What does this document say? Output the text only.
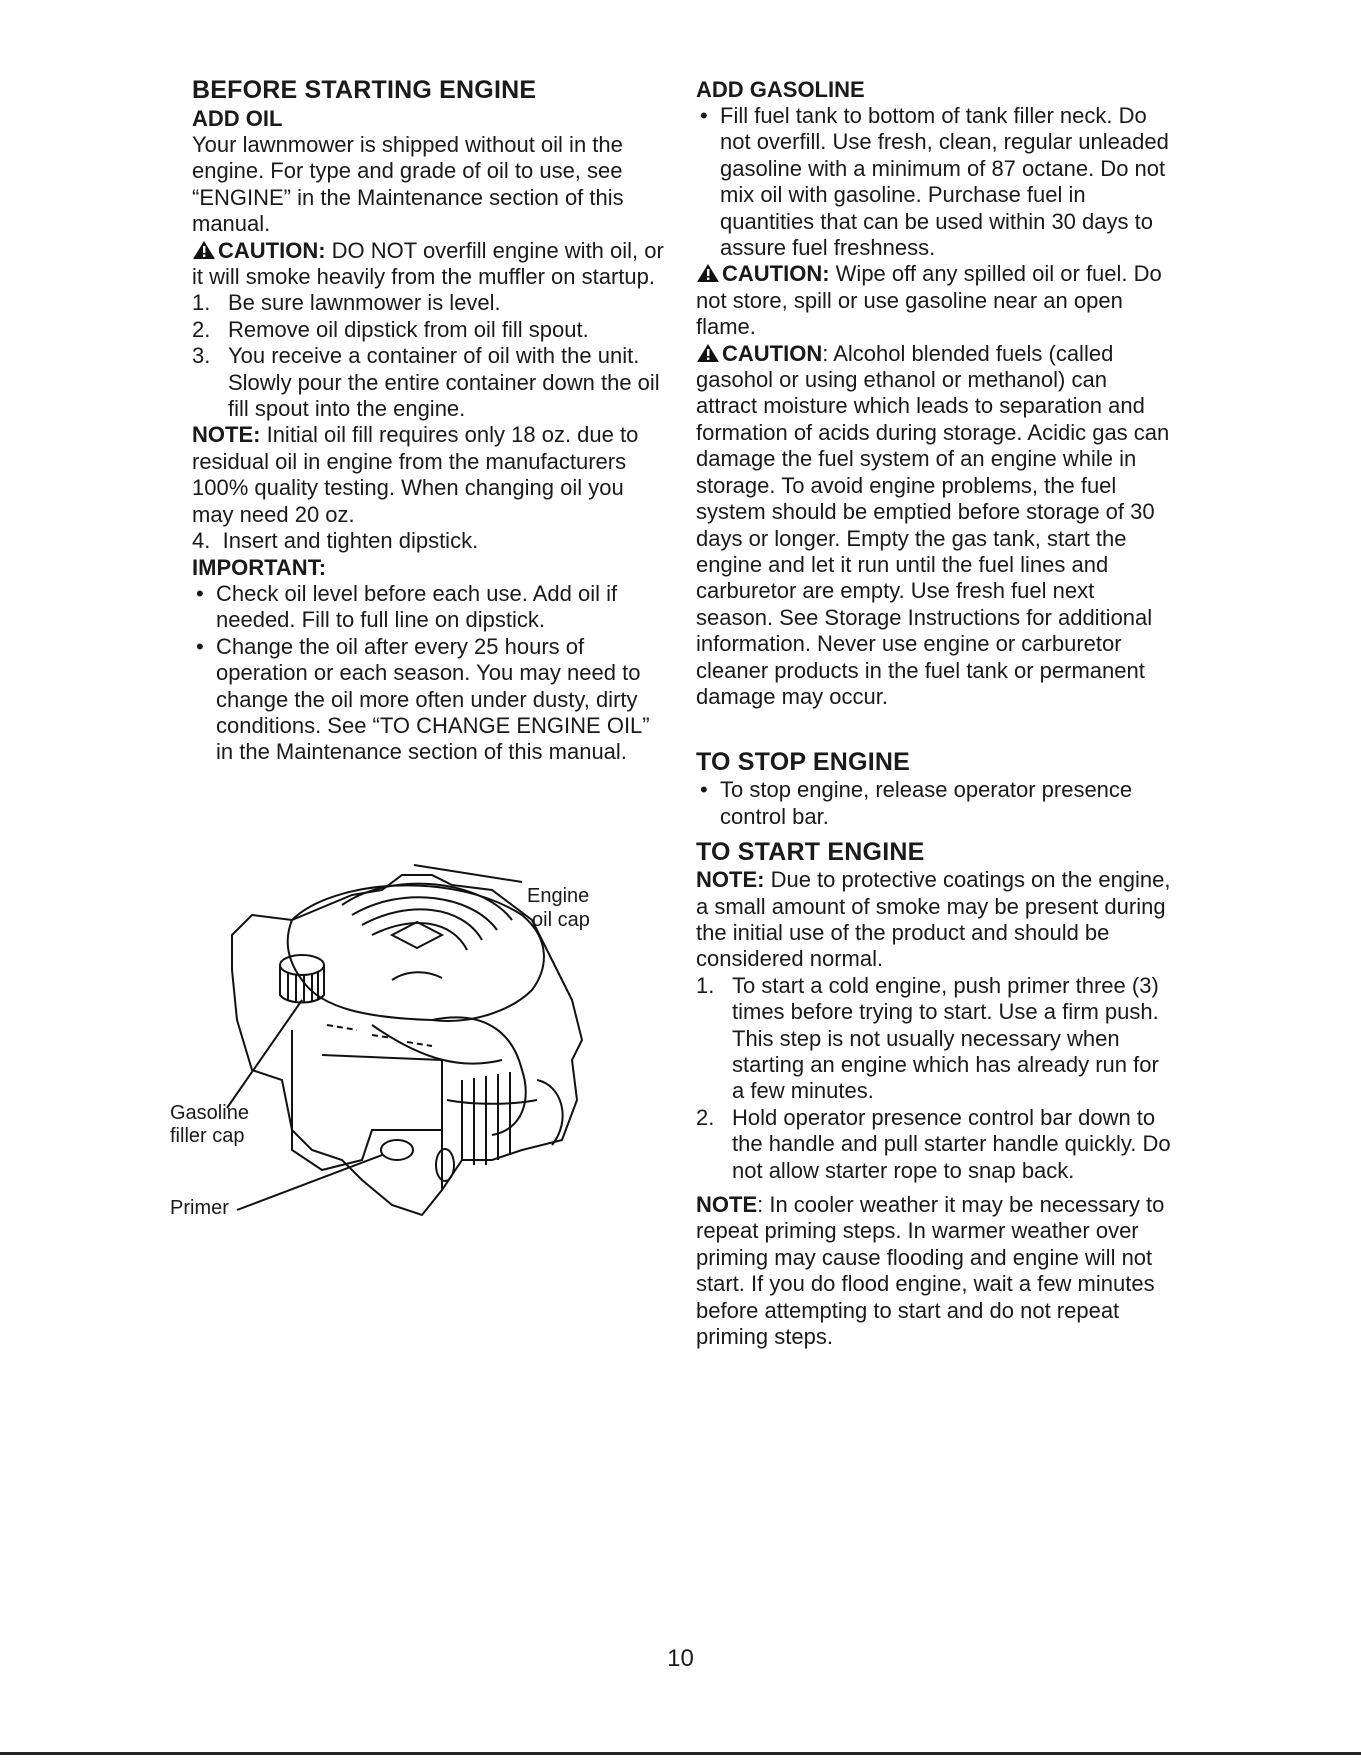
BEFORE STARTING ENGINE
ADD OIL

Your lawnmower is shipped without oil in the engine. For type and grade of oil to use, see “ENGINE” in the Maintenance section of this manual.

CAUTION: DO NOT overfill engine with oil, or it will smoke heavily from the muffler on startup.

1. Be sure lawnmower is level.
2. Remove oil dipstick from oil fill spout.
3. You receive a container of oil with the unit. Slowly pour the entire container down the oil fill spout into the engine.

NOTE: Initial oil fill requires only 18 oz. due to residual oil in engine from the manufacturers 100% quality testing. When changing oil you may need 20 oz.

4. Insert and tighten dipstick.

IMPORTANT:

• Check oil level before each use. Add oil if needed. Fill to full line on dipstick.
• Change the oil after every 25 hours of operation or each season. You may need to change the oil more often under dusty, dirty conditions. See “TO CHANGE ENGINE OIL” in the Maintenance section of this manual.
Engine
oil cap
Gasoline
filler cap
Primer
ADD GASOLINE
• Fill fuel tank to bottom of tank filler neck. Do not overfill. Use fresh, clean, regular unleaded gasoline with a minimum of 87 octane. Do not mix oil with gasoline. Purchase fuel in quantities that can be used within 30 days to assure fuel freshness.

CAUTION: Wipe off any spilled oil or fuel. Do not store, spill or use gasoline near an open flame.

CAUTION: Alcohol blended fuels (called gasohol or using ethanol or methanol) can attract moisture which leads to separation and formation of acids during storage. Acidic gas can damage the fuel system of an engine while in storage. To avoid engine problems, the fuel system should be emptied before storage of 30 days or longer. Empty the gas tank, start the engine and let it run until the fuel lines and carburetor are empty. Use fresh fuel next season. See Storage Instructions for additional information. Never use engine or carburetor cleaner products in the fuel tank or permanent damage may occur.

TO STOP ENGINE
• To stop engine, release operator presence control bar.
TO START ENGINE

NOTE: Due to protective coatings on the engine, a small amount of smoke may be present during the initial use of the product and should be considered normal.

1. To start a cold engine, push primer three (3) times before trying to start. Use a firm push. This step is not usually necessary when starting an engine which has already run for a few minutes.
2. Hold operator presence control bar down to the handle and pull starter handle quickly. Do not allow starter rope to snap back.

NOTE: In cooler weather it may be necessary to repeat priming steps. In warmer weather over priming may cause flooding and engine will not start. If you do flood engine, wait a few minutes before attempting to start and do not repeat priming steps.

10
